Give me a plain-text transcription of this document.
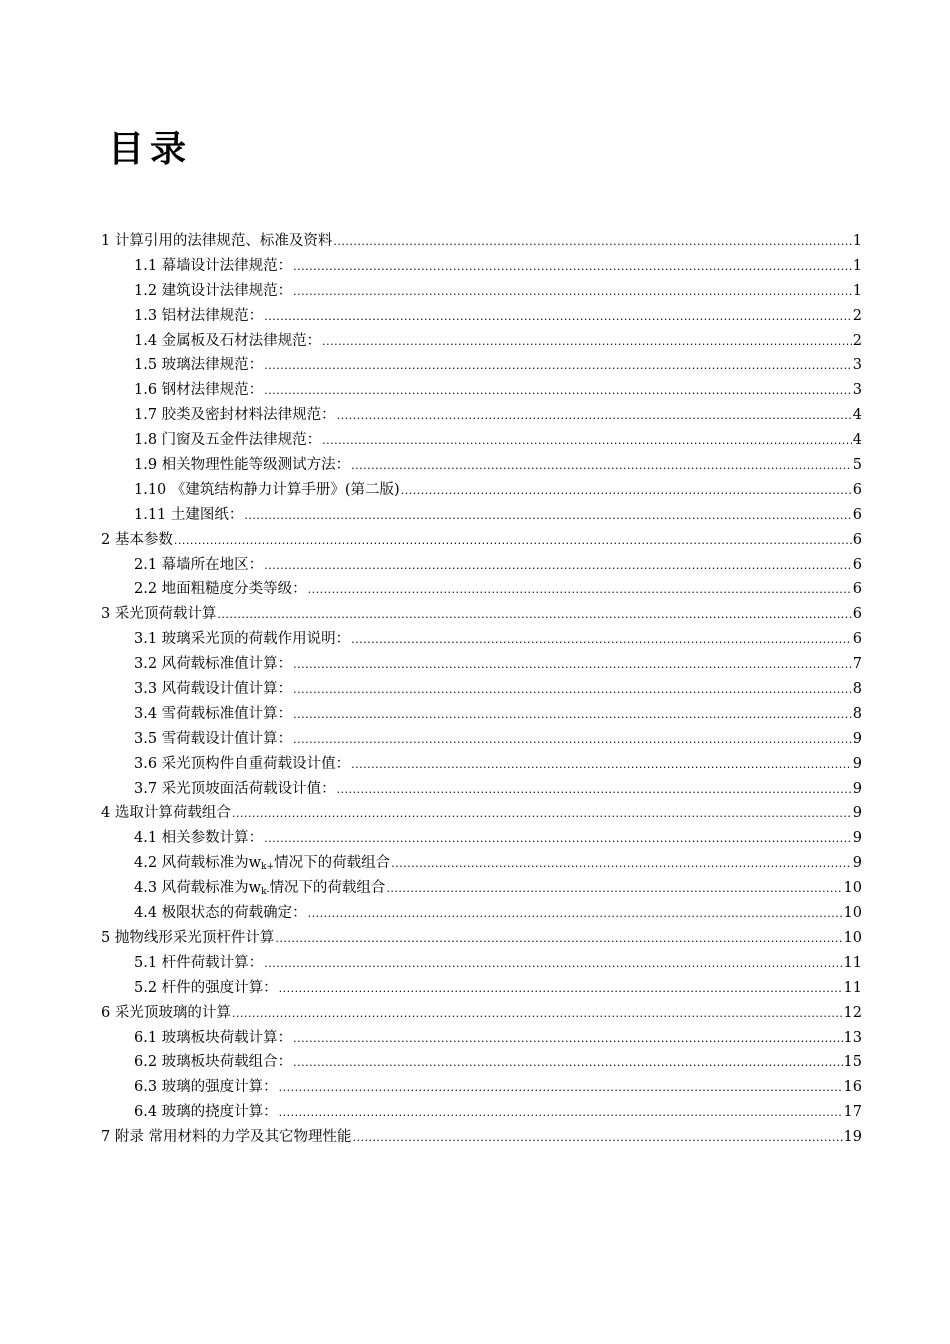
目录
1 计算引用的法律规范、标准及资料 .....	1
1.1 幕墙设计法律规范： .....	1
1.2 建筑设计法律规范： .....	1
1.3 铝材法律规范： .....	2
1.4 金属板及石材法律规范： .....	2
1.5 玻璃法律规范： .....	3
1.6 钢材法律规范： .....	3
1.7 胶类及密封材料法律规范： .....	4
1.8 门窗及五金件法律规范： .....	4
1.9 相关物理性能等级测试方法： .....	5
1.10 《建筑结构静力计算手册》(第二版) .....	6
1.11 土建图纸： .....	6
2 基本参数 .....	6
2.1 幕墙所在地区： .....	6
2.2 地面粗糙度分类等级： .....	6
3 采光顶荷载计算 .....	6
3.1 玻璃采光顶的荷载作用说明： .....	6
3.2 风荷载标准值计算： .....	7
3.3 风荷载设计值计算： .....	8
3.4 雪荷载标准值计算： .....	8
3.5 雪荷载设计值计算： .....	9
3.6 采光顶构件自重荷载设计值： .....	9
3.7 采光顶坡面活荷载设计值： .....	9
4 选取计算荷载组合 .....	9
4.1 相关参数计算： .....	9
4.2 风荷载标准为$w_{k+}$情况下的荷载组合 .....	9
4.3 风荷载标准为$w_{k-}$情况下的荷载组合 .....	10
4.4 极限状态的荷载确定： .....	10
5 抛物线形采光顶杆件计算 .....	10
5.1 杆件荷载计算： .....	11
5.2 杆件的强度计算： .....	11
6 采光顶玻璃的计算 .....	12
6.1 玻璃板块荷载计算： .....	13
6.2 玻璃板块荷载组合： .....	15
6.3 玻璃的强度计算： .....	16
6.4 玻璃的挠度计算： .....	17
7 附录 常用材料的力学及其它物理性能 .....	19
